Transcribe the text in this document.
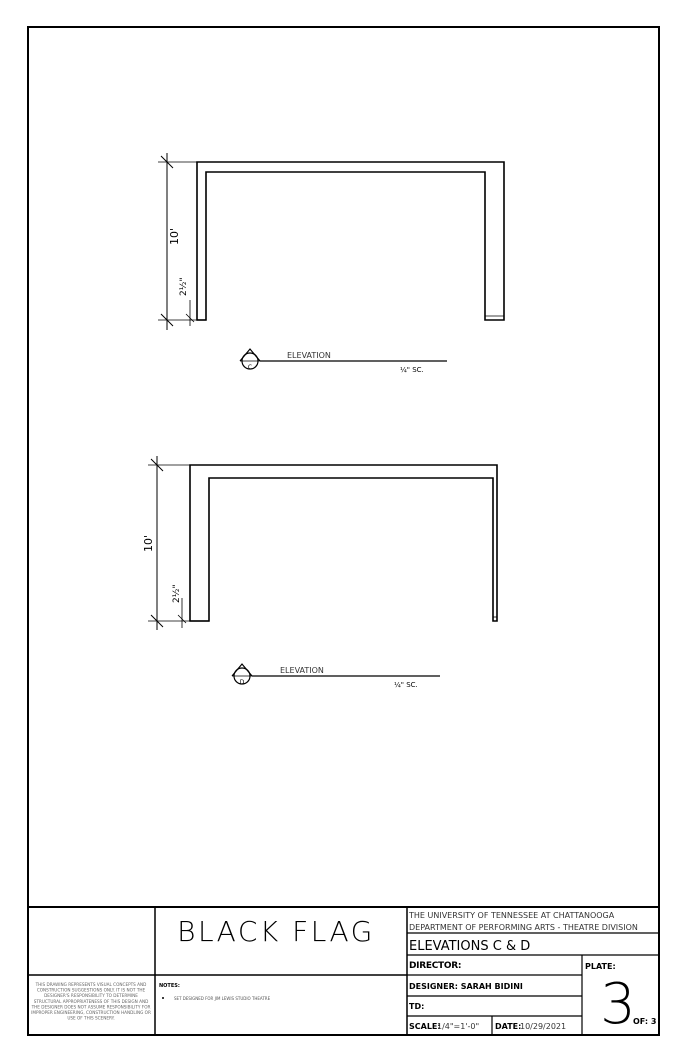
10'
2½"
C
ELEVATION
¼" SC.
10'
2½"
D
ELEVATION
¼" SC.
BLACK FLAG	THE UNIVERSITY OF TENNESSEE AT CHATTANOOGA
DEPARTMENT OF PERFORMING ARTS - THEATRE DIVISION
ELEVATIONS C & D
DIRECTOR:
DESIGNER: SARAH BIDINI
TD:
SCALE:
1/4"=1'-0" DATE:
10/29/2021
PLATE:
3
OF: 3
NOTES:
SET DESIGNED FOR JIM LEWIS STUDIO THEATRE
THIS DRAWING REPRESENTS VISUAL CONCEPTS AND CONSTRUCTION SUGGESTIONS ONLY. IT IS NOT THE DESIGNER'S RESPONSIBILITY TO DETERMINE STRUCTURAL APPROPRIATENESS OF THIS DESIGN AND THE DESIGNER DOES NOT ASSUME RESPONSIBILITY FOR IMPROPER ENGINEERING, CONSTRUCTION HANDLING OR USE OF THIS SCENERY.
